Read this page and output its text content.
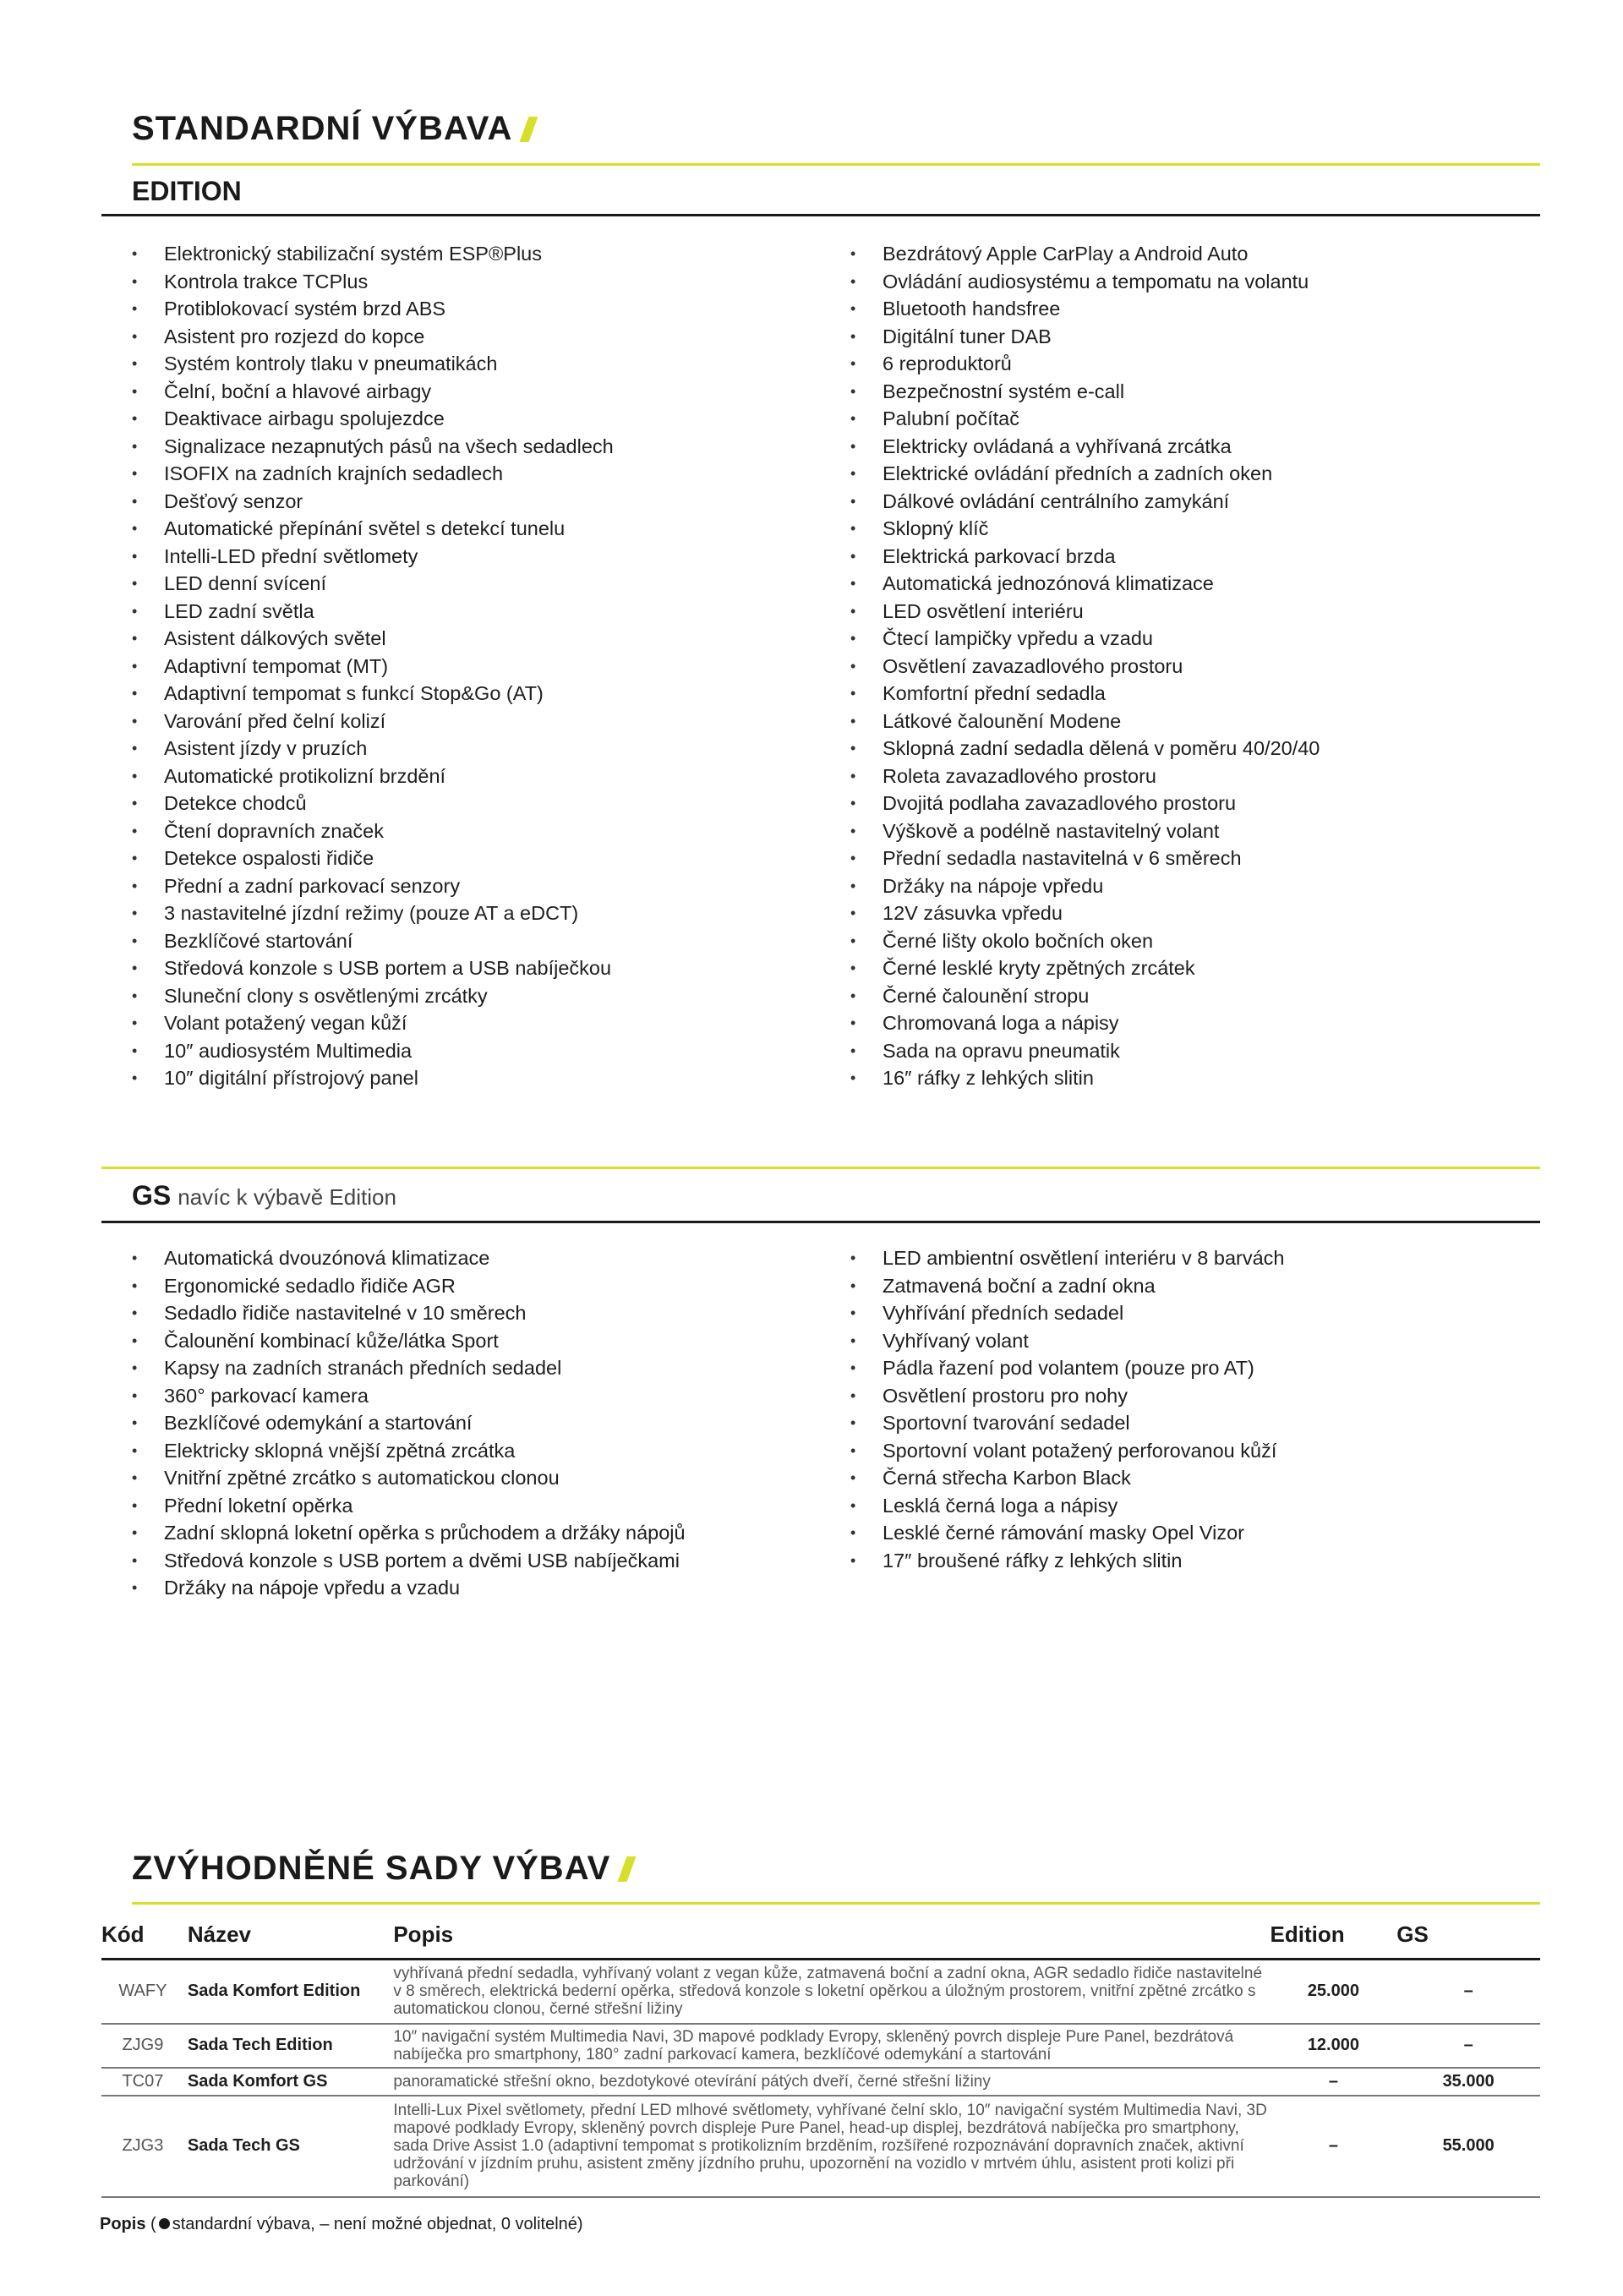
STANDARDNÍ VÝBAVA
EDITION
• Elektronický stabilizační systém ESP®Plus
• Kontrola trakce TCPlus
• Protiblokovací systém brzd ABS
• Asistent pro rozjezd do kopce
• Systém kontroly tlaku v pneumatikách
• Čelní, boční a hlavové airbagy
• Deaktivace airbagu spolujezdce
• Signalizace nezapnutých pásů na všech sedadlech
• ISOFIX na zadních krajních sedadlech
• Dešťový senzor
• Automatické přepínání světel s detekcí tunelu
• Intelli-LED přední světlomety
• LED denní svícení
• LED zadní světla
• Asistent dálkových světel
• Adaptivní tempomat (MT)
• Adaptivní tempomat s funkcí Stop&Go (AT)
• Varování před čelní kolizí
• Asistent jízdy v pruzích
• Automatické protikolizní brzdění
• Detekce chodců
• Čtení dopravních značek
• Detekce ospalosti řidiče
• Přední a zadní parkovací senzory
• 3 nastavitelné jízdní režimy (pouze AT a eDCT)
• Bezklíčové startování
• Středová konzole s USB portem a USB nabíječkou
• Sluneční clony s osvětlenými zrcátky
• Volant potažený vegan kůží
• 10″ audiosystém Multimedia
• 10″ digitální přístrojový panel
• Bezdrátový Apple CarPlay a Android Auto
• Ovládání audiosystému a tempomatu na volantu
• Bluetooth handsfree
• Digitální tuner DAB
• 6 reproduktorů
• Bezpečnostní systém e-call
• Palubní počítač
• Elektricky ovládaná a vyhřívaná zrcátka
• Elektrické ovládání předních a zadních oken
• Dálkové ovládání centrálního zamykání
• Sklopný klíč
• Elektrická parkovací brzda
• Automatická jednozónová klimatizace
• LED osvětlení interiéru
• Čtecí lampičky vpředu a vzadu
• Osvětlení zavazadlového prostoru
• Komfortní přední sedadla
• Látkové čalounění Modene
• Sklopná zadní sedadla dělená v poměru 40/20/40
• Roleta zavazadlového prostoru
• Dvojitá podlaha zavazadlového prostoru
• Výškově a podélně nastavitelný volant
• Přední sedadla nastavitelná v 6 směrech
• Držáky na nápoje vpředu
• 12V zásuvka vpředu
• Černé lišty okolo bočních oken
• Černé lesklé kryty zpětných zrcátek
• Černé čalounění stropu
• Chromovaná loga a nápisy
• Sada na opravu pneumatik
• 16″ ráfky z lehkých slitin
GS navíc k výbavě Edition
• Automatická dvouzónová klimatizace
• Ergonomické sedadlo řidiče AGR
• Sedadlo řidiče nastavitelné v 10 směrech
• Čalounění kombinací kůže/látka Sport
• Kapsy na zadních stranách předních sedadel
• 360° parkovací kamera
• Bezklíčové odemykání a startování
• Elektricky sklopná vnější zpětná zrcátka
• Vnitřní zpětné zrcátko s automatickou clonou
• Přední loketní opěrka
• Zadní sklopná loketní opěrka s průchodem a držáky nápojů
• Středová konzole s USB portem a dvěmi USB nabíječkami
• Držáky na nápoje vpředu a vzadu
• LED ambientní osvětlení interiéru v 8 barvách
• Zatmavená boční a zadní okna
• Vyhřívání předních sedadel
• Vyhřívaný volant
• Pádla řazení pod volantem (pouze pro AT)
• Osvětlení prostoru pro nohy
• Sportovní tvarování sedadel
• Sportovní volant potažený perforovanou kůží
• Černá střecha Karbon Black
• Lesklá černá loga a nápisy
• Lesklé černé rámování masky Opel Vizor
• 17″ broušené ráfky z lehkých slitin
ZVÝHODNĚNÉ SADY VÝBAV
Kód	Název	Popis	Edition	GS
WAFY	Sada Komfort Edition	vyhřívaná přední sedadla, vyhřívaný volant z vegan kůže, zatmavená boční a zadní okna, AGR sedadlo řidiče nastavitelné v 8 směrech, elektrická bederní opěrka, středová konzole s loketní opěrkou a úložným prostorem, vnitřní zpětné zrcátko s automatickou clonou, černé střešní ližiny	25.000	–
ZJG9	Sada Tech Edition	10″ navigační systém Multimedia Navi, 3D mapové podklady Evropy, skleněný povrch displeje Pure Panel, bezdrátová nabíječka pro smartphony, 180° zadní parkovací kamera, bezklíčové odemykání a startování	12.000	–
TC07	Sada Komfort GS	panoramatické střešní okno, bezdotykové otevírání pátých dveří, černé střešní ližiny	–	35.000
ZJG3	Sada Tech GS	Intelli-Lux Pixel světlomety, přední LED mlhové světlomety, vyhřívané čelní sklo, 10″ navigační systém Multimedia Navi, 3D mapové podklady Evropy, skleněný povrch displeje Pure Panel, head-up displej, bezdrátová nabíječka pro smartphony, sada Drive Assist 1.0 (adaptivní tempomat s protikolizním brzděním, rozšířené rozpoznávání dopravních značek, aktivní udržování v jízdním pruhu, asistent změny jízdního pruhu, upozornění na vozidlo v mrtvém úhlu, asistent proti kolizi při parkování)	–	55.000
Popis ( standardní výbava, – není možné objednat, 0 volitelné)
